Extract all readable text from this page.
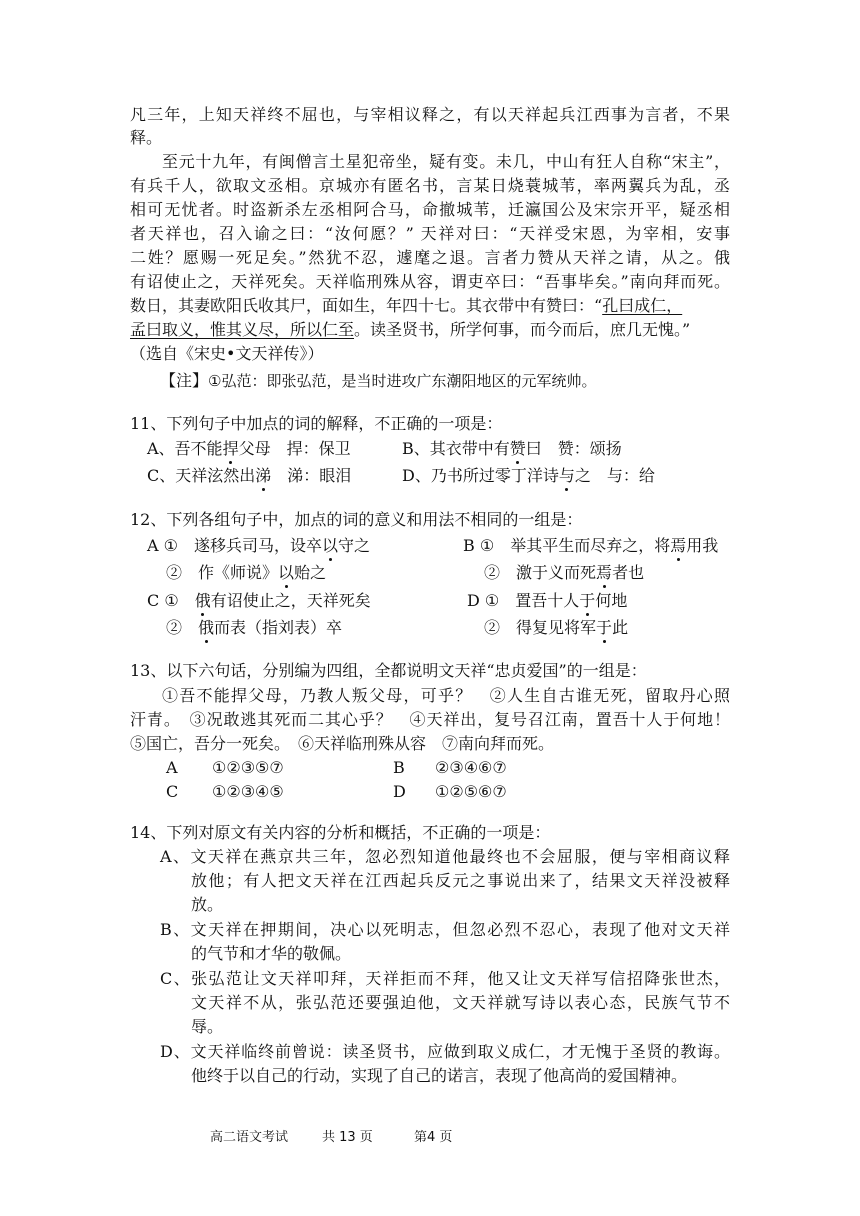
凡三年，上知天祥终不屈也，与宰相议释之，有以天祥起兵江西事为言者，不果
释。
至元十九年，有闽僧言土星犯帝坐，疑有变。未几，中山有狂人自称“宋主”，
有兵千人，欲取文丞相。京城亦有匿名书，言某日烧蓑城苇，率两翼兵为乱，丞
相可无忧者。时盗新杀左丞相阿合马，命撤城苇，迁瀛国公及宋宗开平，疑丞相
者天祥也，召入谕之曰：“汝何愿？” 天祥对曰：“天祥受宋恩，为宰相，安事
二姓？愿赐一死足矣。”然犹不忍，遽麾之退。言者力赞从天祥之请，从之。俄
有诏使止之，天祥死矣。天祥临刑殊从容，谓吏卒曰：“吾事毕矣。”南向拜而死。
数日，其妻欧阳氏收其尸，面如生，年四十七。其衣带中有赞曰：“孔曰成仁，
孟曰取义，惟其义尽，所以仁至。读圣贤书，所学何事，而今而后，庶几无愧。”
（选自《宋史•文天祥传》）
【注】①弘范：即张弘范，是当时进攻广东潮阳地区的元军统帅。
11、下列句子中加点的词的解释，不正确的一项是：
A、吾不能捍父母　捍：保卫	B、其衣带中有赞曰　赞：颂扬
C、天祥泫然出涕　涕：眼泪	D、乃书所过零丁洋诗与之　与：给
12、下列各组句子中，加点的词的意义和用法不相同的一组是：
A ①　 遂移兵司马，设卒以守之
②　 作《师说》以贻之
B ①　 举其平生而尽弃之，将焉用我
②　 激于义而死焉者也
C ①　 俄有诏使止之，天祥死矣
②　 俄而表（指刘表）卒
D ①　 置吾十人于何地
②　 得复见将军于此
13、以下六句话，分别编为四组，全都说明文天祥“忠贞爱国”的一组是：
①吾不能捍父母，乃教人叛父母，可乎？　②人生自古谁无死，留取丹心照
汗青。　③况敢逃其死而二其心乎？　④天祥出，复号召江南，置吾十人于何地！
⑤国亡，吾分一死矣。　⑥天祥临刑殊从容　⑦南向拜而死。
A ①②③⑤⑦	B ②③④⑥⑦
C ①②③④⑤	D ①②⑤⑥⑦
14、下列对原文有关内容的分析和概括，不正确的一项是：
A、文天祥在燕京共三年，忽必烈知道他最终也不会屈服，便与宰相商议释
放他；有人把文天祥在江西起兵反元之事说出来了，结果文天祥没被释
放。
B、文天祥在押期间，决心以死明志，但忽必烈不忍心，表现了他对文天祥
的气节和才华的敬佩。
C、张弘范让文天祥叩拜，天祥拒而不拜，他又让文天祥写信招降张世杰，
文天祥不从，张弘范还要强迫他，文天祥就写诗以表心态，民族气节不
辱。
D、文天祥临终前曾说：读圣贤书，应做到取义成仁，才无愧于圣贤的教诲。
他终于以自己的行动，实现了自己的诺言，表现了他高尚的爱国精神。
高二语文考试	共 13 页	第4 页
